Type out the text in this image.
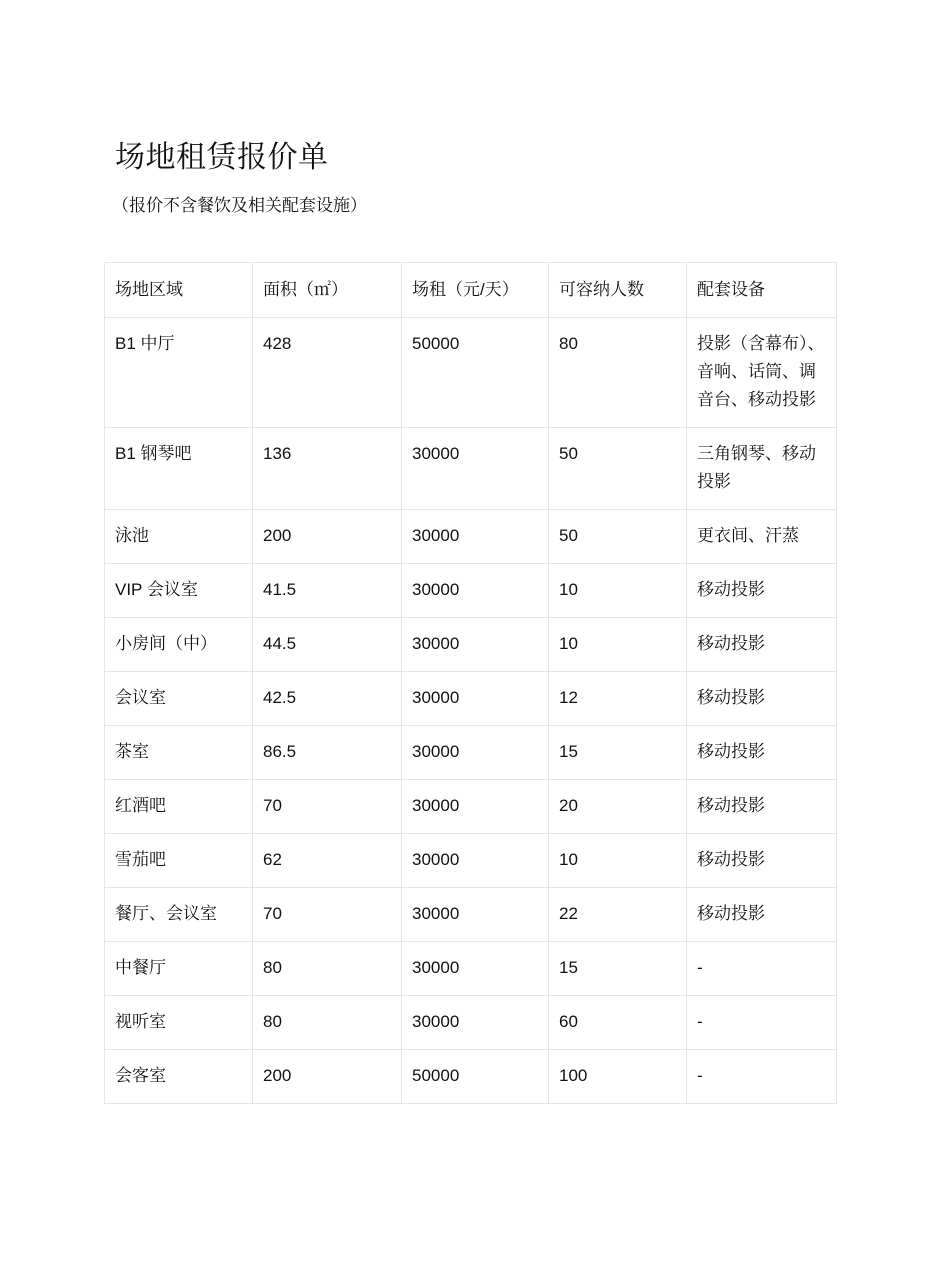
场地租赁报价单
（报价不含餐饮及相关配套设施）
场地区域	面积（㎡）	场租（元/天）	可容纳人数	配套设备
B1 中厅	428	50000	80	投影（含幕布）、音响、话筒、调音台、移动投影
B1 钢琴吧	136	30000	50	三角钢琴、移动投影
泳池	200	30000	50	更衣间、汗蒸
VIP 会议室	41.5	30000	10	移动投影
小房间（中）	44.5	30000	10	移动投影
会议室	42.5	30000	12	移动投影
茶室	86.5	30000	15	移动投影
红酒吧	70	30000	20	移动投影
雪茄吧	62	30000	10	移动投影
餐厅、会议室	70	30000	22	移动投影
中餐厅	80	30000	15	-
视听室	80	30000	60	-
会客室	200	50000	100	-
